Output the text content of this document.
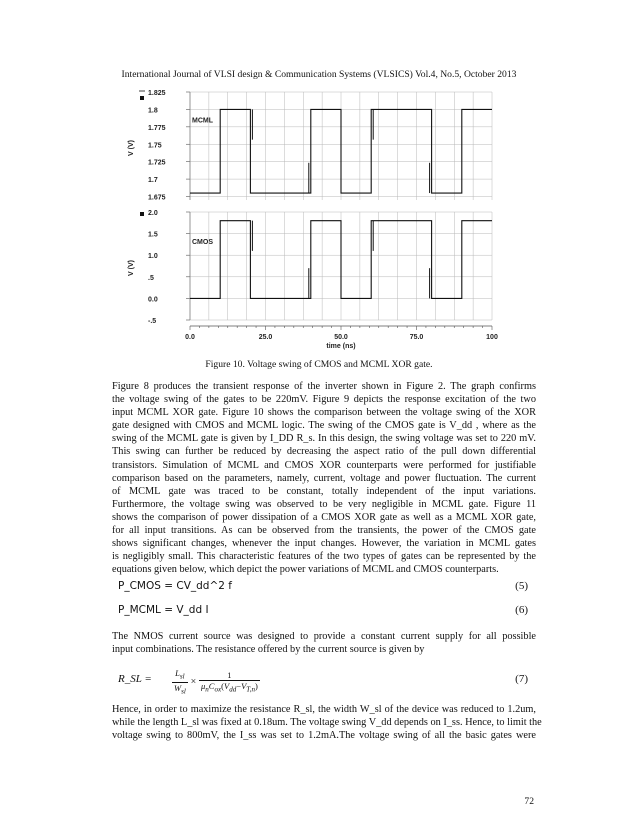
International Journal of VLSI design & Communication Systems (VLSICS) Vol.4, No.5, October 2013
1.825
1.8
1.775
1.75
1.725
1.7
1.675
V (V)
MCML
2.0
1.5
1.0
.5
0.0
-.5
V (V)
CMOS
0.0	25.0	50.0	75.0	100
time (ns)
Figure 10. Voltage swing of CMOS and MCML XOR gate.
Figure 8 produces the transient response of the inverter shown in Figure 2. The graph confirms
the voltage swing of the gates to be 220mV. Figure 9 depicts the response excitation of the two
input MCML XOR gate. Figure 10 shows the comparison between the voltage swing of the XOR
gate designed with CMOS and MCML logic. The swing of the CMOS gate is V_dd , where as the
swing of the MCML gate is given by I_DD R_s. In this design, the swing voltage was set to 220 mV.
This swing can further be reduced by decreasing the aspect ratio of the pull down differential
transistors. Simulation of MCML and CMOS XOR counterparts were performed for justifiable
comparison based on the parameters, namely, current, voltage and power fluctuation. The current
of MCML gate was traced to be constant, totally independent of the input variations.
Furthermore, the voltage swing was observed to be very negligible in MCML gate. Figure 11
shows the comparison of power dissipation of a CMOS XOR gate as well as a MCML XOR gate,
for all input transitions. As can be observed from the transients, the power of the CMOS gate
shows significant changes, whenever the input changes. However, the variation in MCML gates
is negligibly small. This characteristic features of the two types of gates can be represented by the
equations given below, which depict the power variations of MCML and CMOS counterparts.
P_CMOS = CV_dd^2 f	(5)
P_MCML = V_dd I	(6)
The NMOS current source was designed to provide a constant current supply for all possible
input combinations. The resistance offered by the current source is given by
R_SL = $\frac{L_{sl}}{W_{sl}} \times \frac{1}{\mu_nC_{ox}(V_{dd}-V_{T,n})}$	(7)
Hence, in order to maximize the resistance R_sl, the width W_sl of the device was reduced to 1.2um,
while the length L_sl was fixed at 0.18um. The voltage swing V_dd depends on I_ss. Hence, to limit the
voltage swing to 800mV, the I_ss was set to 1.2mA.The voltage swing of all the basic gates were
72
